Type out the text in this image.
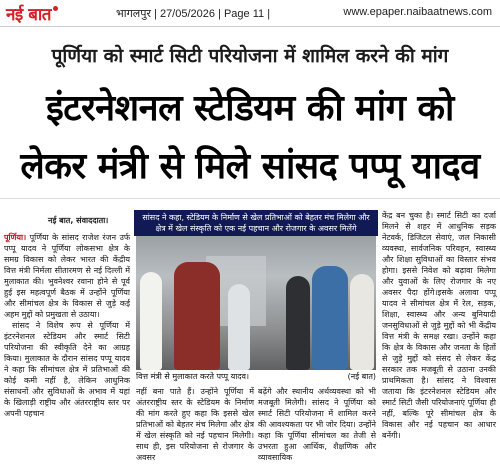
नई बात	भागलपुर | 27/05/2026 | Page 11 |	www.epaper.naibaatnews.com
पूर्णिया को स्मार्ट सिटी परियोजना में शामिल करने की मांग
इंटरनेशनल स्टेडियम की मांग को
लेकर मंत्री से मिले सांसद पप्पू यादव
नई बात, संवाददाता।
पूर्णिया। पूर्णिया के सांसद राजेश रंजन उर्फ पप्पू यादव ने पूर्णिया लोकसभा क्षेत्र के समग्र विकास को लेकर भारत की केंद्रीय वित्त मंत्री निर्मला सीतारमण से नई दिल्ली में मुलाकात की। भुवनेश्वर रवाना होने से पूर्व हुई इस महत्वपूर्ण बैठक में उन्होंने पूर्णिया और सीमांचल क्षेत्र के विकास से जुड़े कई अहम मुद्दों को प्रमुखता से उठाया।
सांसद ने विशेष रूप से पूर्णिया में इंटरनेशनल स्टेडियम और स्मार्ट सिटी परियोजना की स्वीकृति देने का आग्रह किया। मुलाकात के दौरान सांसद पप्पू यादव ने कहा कि सीमांचल क्षेत्र में प्रतिभाओं की कोई कमी नहीं है, लेकिन आधुनिक संसाधनों और सुविधाओं के अभाव में यहां के खिलाड़ी राष्ट्रीय और अंतरराष्ट्रीय स्तर पर अपनी पहचान
सांसद ने कहा, स्टेडियम के निर्माण से खेल प्रतिभाओं को बेहतर मंच मिलेगा और क्षेत्र में खेल संस्कृति को एक नई पहचान और रोजगार के अवसर मिलेंगे
वित्त मंत्री से मुलाकात करते पप्पू यादव।	(नई बात)
नहीं बना पाते हैं। उन्होंने पूर्णिया में अंतरराष्ट्रीय स्तर के स्टेडियम के निर्माण की मांग करते हुए कहा कि इससे खेल प्रतिभाओं को बेहतर मंच मिलेगा और क्षेत्र में खेल संस्कृति को नई पहचान मिलेगी। साथ ही, इस परियोजना से रोजगार के अवसर
बढ़ेंगे और स्थानीय अर्थव्यवस्था को भी मजबूती मिलेगी। सांसद ने पूर्णिया को स्मार्ट सिटी परियोजना में शामिल करने की आवश्यकता पर भी जोर दिया। उन्होंने कहा कि पूर्णिया सीमांचल का तेजी से उभरता हुआ आर्थिक, शैक्षणिक और व्यावसायिक
केंद्र बन चुका है। स्मार्ट सिटी का दर्जा मिलने से शहर में आधुनिक सड़क नेटवर्क, डिजिटल सेवाएं, जल निकासी व्यवस्था, सार्वजनिक परिवहन, स्वास्थ्य और शिक्षा सुविधाओं का विस्तार संभव होगा। इससे निवेश को बढ़ावा मिलेगा और युवाओं के लिए रोजगार के नए अवसर पैदा होंगे।इसके अलावा पप्पू यादव ने सीमांचल क्षेत्र में रेल, सड़क, शिक्षा, स्वास्थ्य और अन्य बुनियादी जनसुविधाओं से जुड़े मुद्दों को भी केंद्रीय वित्त मंत्री के समक्ष रखा। उन्होंने कहा कि क्षेत्र के विकास और जनता के हितों से जुड़े मुद्दों को संसद से लेकर केंद्र सरकार तक मजबूती से उठाना उनकी प्राथमिकता है। सांसद ने विश्वास जताया कि इंटरनेशनल स्टेडियम और स्मार्ट सिटी जैसी परियोजनाएं पूर्णिया ही नहीं, बल्कि पूरे सीमांचल क्षेत्र के विकास और नई पहचान का आधार बनेंगी।
